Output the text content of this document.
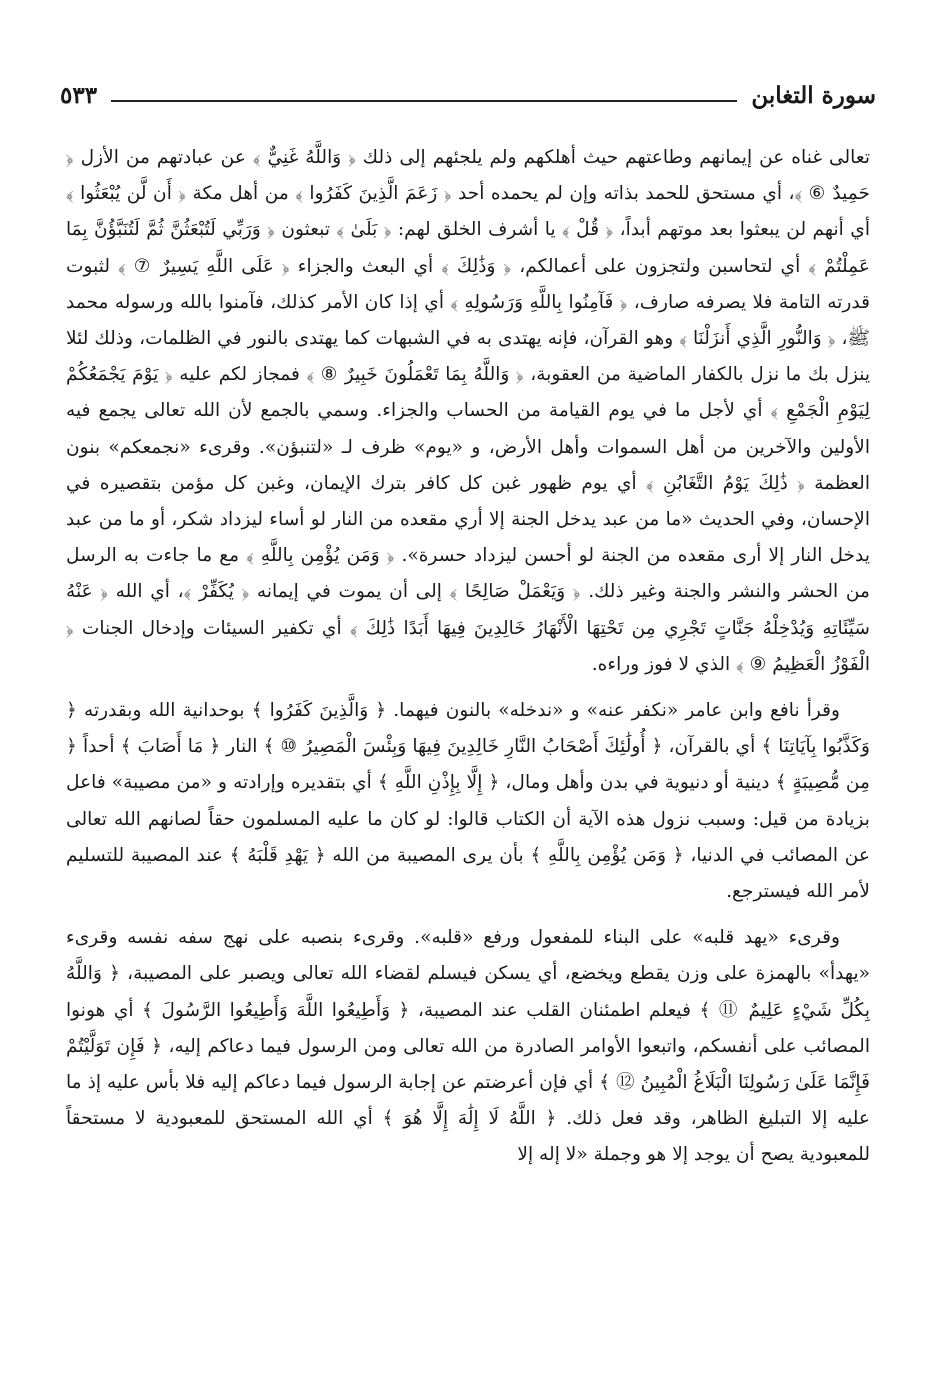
سورة التغابن
٥٣٣

تعالى غناه عن إيمانهم وطاعتهم حيث أهلكهم ولم يلجئهم إلى ذلك ﴿ وَاللَّهُ غَنِيٌّ ﴾ عن عبادتهم من الأزل ﴿ حَمِيدٌ ⑥ ﴾، أي مستحق للحمد بذاته وإن لم يحمده أحد ﴿ زَعَمَ الَّذِينَ كَفَرُوا ﴾ من أهل مكة ﴿ أَن لَّن يُبْعَثُوا ﴾ أي أنهم لن يبعثوا بعد موتهم أبداً، ﴿ قُلْ ﴾ يا أشرف الخلق لهم: ﴿ بَلَىٰ ﴾ تبعثون ﴿ وَرَبِّي لَتُبْعَثُنَّ ثُمَّ لَتُنَبَّؤُنَّ بِمَا عَمِلْتُمْ ﴾ أي لتحاسبن ولتجزون على أعمالكم، ﴿ وَذَٰلِكَ ﴾ أي البعث والجزاء ﴿ عَلَى اللَّهِ يَسِيرٌ ⑦ ﴾ لثبوت قدرته التامة فلا يصرفه صارف، ﴿ فَآمِنُوا بِاللَّهِ وَرَسُولِهِ ﴾ أي إذا كان الأمر كذلك، فآمنوا بالله ورسوله محمد ﷺ، ﴿ وَالنُّورِ الَّذِي أَنزَلْنَا ﴾ وهو القرآن، فإنه يهتدى به في الشبهات كما يهتدى بالنور في الظلمات، وذلك لئلا ينزل بك ما نزل بالكفار الماضية من العقوبة، ﴿ وَاللَّهُ بِمَا تَعْمَلُونَ خَبِيرٌ ⑧ ﴾ فمجاز لكم عليه ﴿ يَوْمَ يَجْمَعُكُمْ لِيَوْمِ الْجَمْعِ ﴾ أي لأجل ما في يوم القيامة من الحساب والجزاء. وسمي بالجمع لأن الله تعالى يجمع فيه الأولين والآخرين من أهل السموات وأهل الأرض، و «يوم» ظرف لـ «لتنبؤن». وقرىء «نجمعكم» بنون العظمة ﴿ ذَٰلِكَ يَوْمُ التَّغَابُنِ ﴾ أي يوم ظهور غبن كل كافر بترك الإيمان، وغبن كل مؤمن بتقصيره في الإحسان، وفي الحديث «ما من عبد يدخل الجنة إلا أري مقعده من النار لو أساء ليزداد شكر، أو ما من عبد يدخل النار إلا أرى مقعده من الجنة لو أحسن ليزداد حسرة». ﴿ وَمَن يُؤْمِن بِاللَّهِ ﴾ مع ما جاءت به الرسل من الحشر والنشر والجنة وغير ذلك. ﴿ وَيَعْمَلْ صَالِحًا ﴾ إلى أن يموت في إيمانه ﴿ يُكَفِّرْ ﴾، أي الله ﴿ عَنْهُ سَيِّئَاتِهِ وَيُدْخِلْهُ جَنَّاتٍ تَجْرِي مِن تَحْتِهَا الْأَنْهَارُ خَالِدِينَ فِيهَا أَبَدًا ذَٰلِكَ ﴾ أي تكفير السيئات وإدخال الجنات ﴿ الْفَوْزُ الْعَظِيمُ ⑨ ﴾ الذي لا فوز وراءه.

وقرأ نافع وابن عامر «نكفر عنه» و «ندخله» بالنون فيهما. ﴿ وَالَّذِينَ كَفَرُوا ﴾ بوحدانية الله وبقدرته ﴿ وَكَذَّبُوا بِآيَاتِنَا ﴾ أي بالقرآن، ﴿ أُولَٰئِكَ أَصْحَابُ النَّارِ خَالِدِينَ فِيهَا وَبِئْسَ الْمَصِيرُ ⑩ ﴾ النار ﴿ مَا أَصَابَ ﴾ أحداً ﴿ مِن مُّصِيبَةٍ ﴾ دينية أو دنيوية في بدن وأهل ومال، ﴿ إِلَّا بِإِذْنِ اللَّهِ ﴾ أي بتقديره وإرادته و «من مصيبة» فاعل بزيادة من قيل: وسبب نزول هذه الآية أن الكتاب قالوا: لو كان ما عليه المسلمون حقاً لصانهم الله تعالى عن المصائب في الدنيا، ﴿ وَمَن يُؤْمِن بِاللَّهِ ﴾ بأن يرى المصيبة من الله ﴿ يَهْدِ قَلْبَهُ ﴾ عند المصيبة للتسليم لأمر الله فيسترجع.

وقرىء «يهد قلبه» على البناء للمفعول ورفع «قلبه». وقرىء بنصبه على نهج سفه نفسه وقرىء «يهدأ» بالهمزة على وزن يقطع ويخضع، أي يسكن فيسلم لقضاء الله تعالى ويصبر على المصيبة، ﴿ وَاللَّهُ بِكُلِّ شَيْءٍ عَلِيمٌ ⑪ ﴾ فيعلم اطمئنان القلب عند المصيبة، ﴿ وَأَطِيعُوا اللَّهَ وَأَطِيعُوا الرَّسُولَ ﴾ أي هونوا المصائب على أنفسكم، واتبعوا الأوامر الصادرة من الله تعالى ومن الرسول فيما دعاكم إليه، ﴿ فَإِن تَوَلَّيْتُمْ فَإِنَّمَا عَلَىٰ رَسُولِنَا الْبَلَاغُ الْمُبِينُ ⑫ ﴾ أي فإن أعرضتم عن إجابة الرسول فيما دعاكم إليه فلا بأس عليه إذ ما عليه إلا التبليغ الظاهر، وقد فعل ذلك. ﴿ اللَّهُ لَا إِلَٰهَ إِلَّا هُوَ ﴾ أي الله المستحق للمعبودية لا مستحقاً للمعبودية يصح أن يوجد إلا هو وجملة «لا إله إلا
